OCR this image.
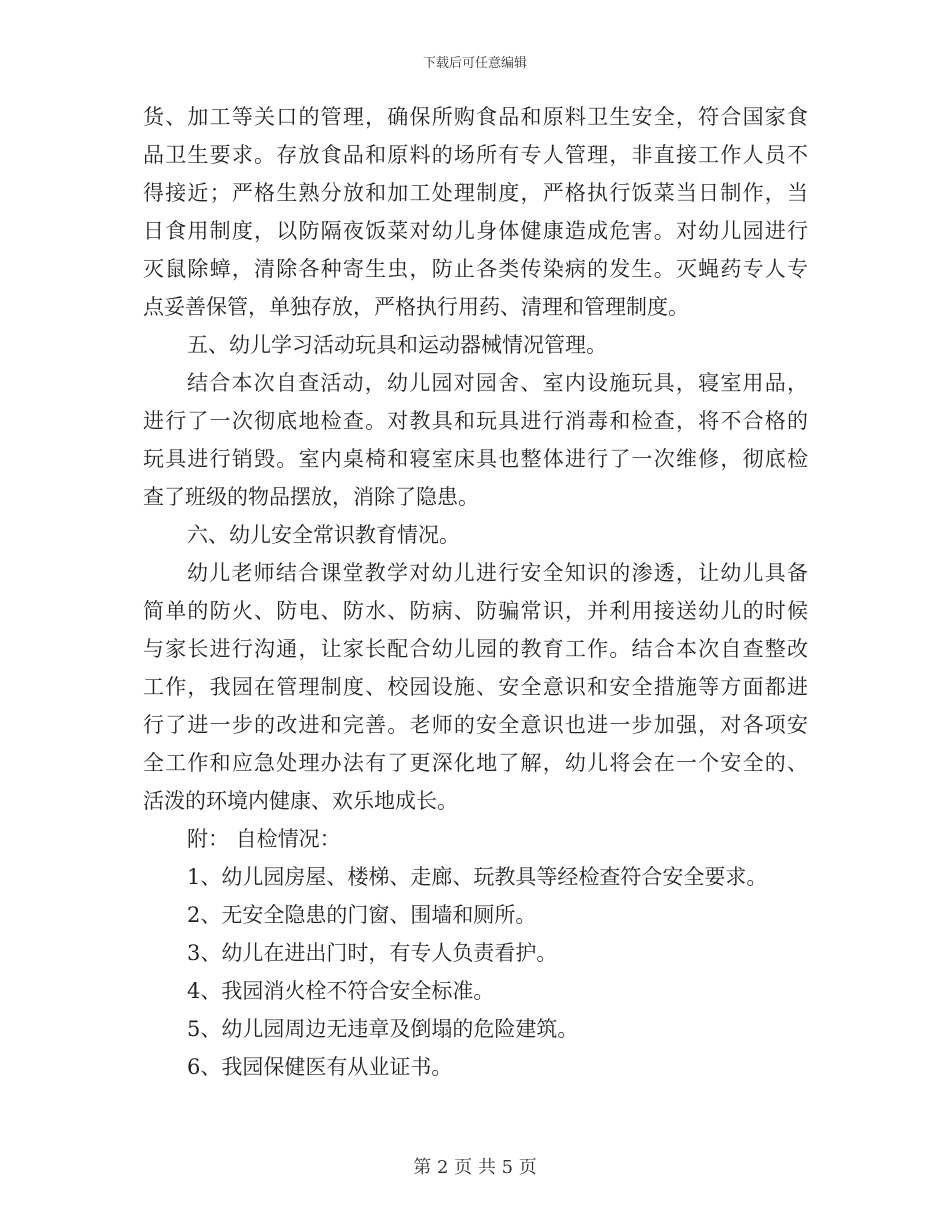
下载后可任意编辑
货、加工等关口的管理，确保所购食品和原料卫生安全，符合国家食
品卫生要求。存放食品和原料的场所有专人管理，非直接工作人员不
得接近；严格生熟分放和加工处理制度，严格执行饭菜当日制作，当
日食用制度，以防隔夜饭菜对幼儿身体健康造成危害。对幼儿园进行
灭鼠除蟑，清除各种寄生虫，防止各类传染病的发生。灭蝇药专人专
点妥善保管，单独存放，严格执行用药、清理和管理制度。
五、幼儿学习活动玩具和运动器械情况管理。
结合本次自查活动，幼儿园对园舍、室内设施玩具，寝室用品，
进行了一次彻底地检查。对教具和玩具进行消毒和检查，将不合格的
玩具进行销毁。室内桌椅和寝室床具也整体进行了一次维修，彻底检
查了班级的物品摆放，消除了隐患。
六、幼儿安全常识教育情况。
幼儿老师结合课堂教学对幼儿进行安全知识的渗透，让幼儿具备
简单的防火、防电、防水、防病、防骗常识，并利用接送幼儿的时候
与家长进行沟通，让家长配合幼儿园的教育工作。结合本次自查整改
工作，我园在管理制度、校园设施、安全意识和安全措施等方面都进
行了进一步的改进和完善。老师的安全意识也进一步加强，对各项安
全工作和应急处理办法有了更深化地了解，幼儿将会在一个安全的、
活泼的环境内健康、欢乐地成长。
附： 自检情况：
1、幼儿园房屋、楼梯、走廊、玩教具等经检查符合安全要求。
2、无安全隐患的门窗、围墙和厕所。
3、幼儿在进出门时，有专人负责看护。
4、我园消火栓不符合安全标准。
5、幼儿园周边无违章及倒塌的危险建筑。
6、我园保健医有从业证书。
第 2 页 共 5 页
